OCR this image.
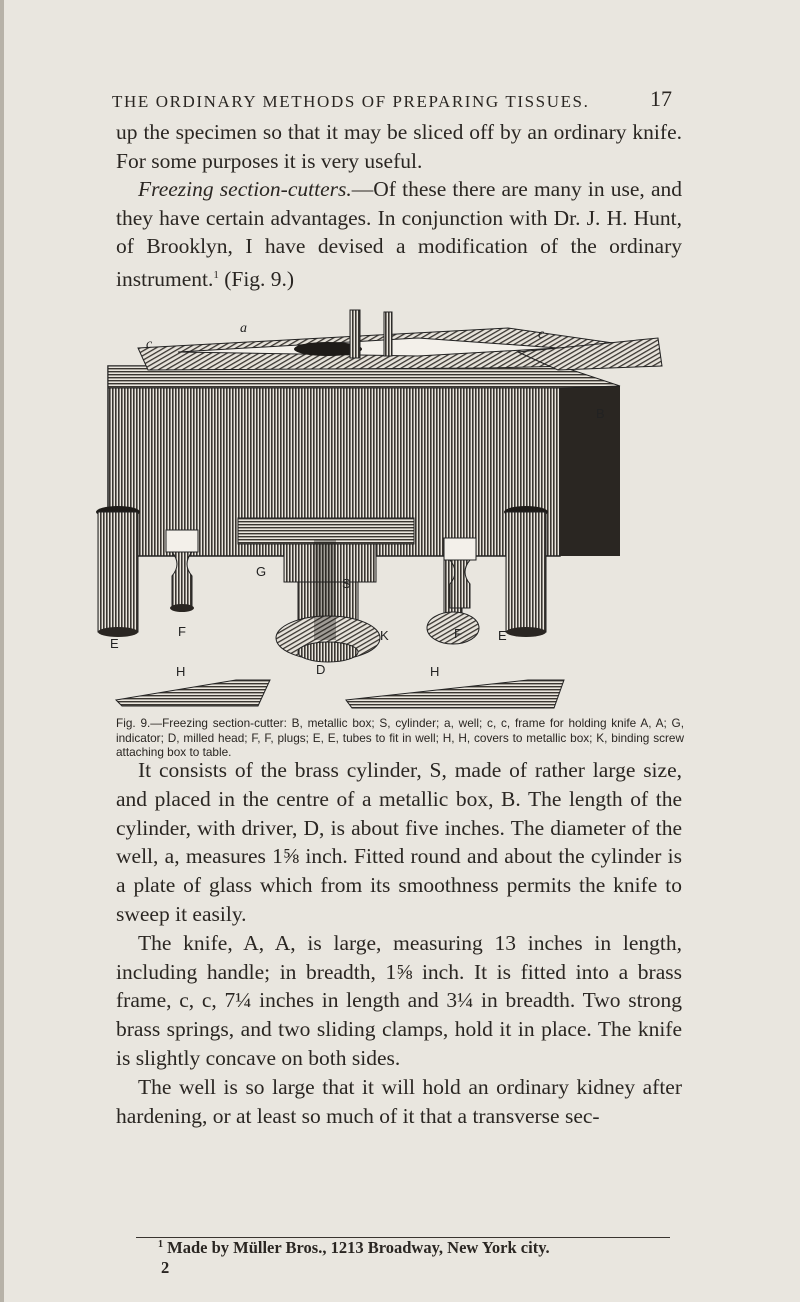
THE ORDINARY METHODS OF PREPARING TISSUES.	17

up the specimen so that it may be sliced off by an ordinary knife. For some purposes it is very useful.

Freezing section-cutters.—Of these there are many in use, and they have certain advantages. In conjunction with Dr. J. H. Hunt, of Brooklyn, I have devised a modification of the ordinary instrument.$^1$ (Fig. 9.)

c
a	c
B
G
S
F	F
K
E
E
H	D	H
Fig. 9.—Freezing section-cutter: B, metallic box; S, cylinder; a, well; c, c, frame for holding knife A, A; G, indicator; D, milled head; F, F, plugs; E, E, tubes to fit in well; H, H, covers to metallic box; K, binding screw attaching box to table.

It consists of the brass cylinder, S, made of rather large size, and placed in the centre of a metallic box, B. The length of the cylinder, with driver, D, is about five inches. The diameter of the well, a, measures 1⅝ inch. Fitted round and about the cylinder is a plate of glass which from its smoothness permits the knife to sweep it easily.

The knife, A, A, is large, measuring 13 inches in length, including handle; in breadth, 1⅝ inch. It is fitted into a brass frame, c, c, 7¼ inches in length and 3¼ in breadth. Two strong brass springs, and two sliding clamps, hold it in place. The knife is slightly concave on both sides.

The well is so large that it will hold an ordinary kidney after hardening, or at least so much of it that a transverse sec-

$^1$ Made by Müller Bros., 1213 Broadway, New York city.
2
